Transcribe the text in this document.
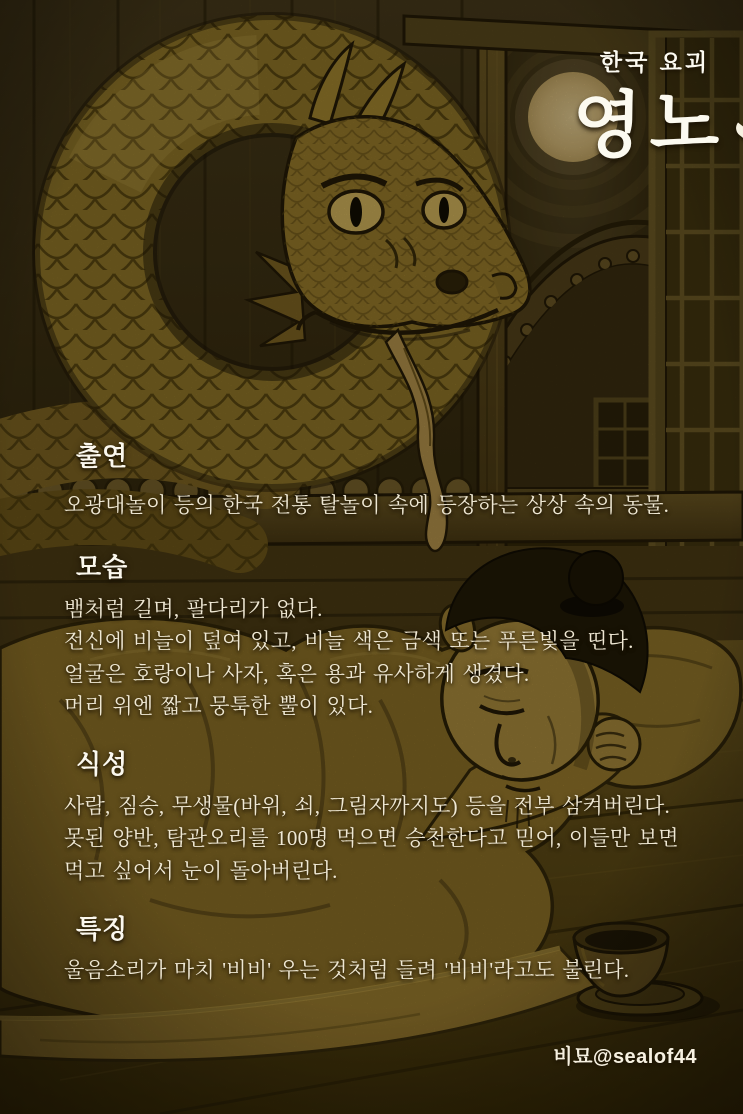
한국 요괴
영노
출연
오광대놀이 등의 한국 전통 탈놀이 속에 등장하는 상상 속의 동물.
모습
뱀처럼 길며, 팔다리가 없다.
전신에 비늘이 덮여 있고, 비늘 색은 금색 또는 푸른빛을 띤다.
얼굴은 호랑이나 사자, 혹은 용과 유사하게 생겼다.
머리 위엔 짧고 뭉툭한 뿔이 있다.
식성
사람, 짐승, 무생물(바위, 쇠, 그림자까지도) 등을 전부 삼켜버린다.
못된 양반, 탐관오리를 100명 먹으면 승천한다고 믿어, 이들만 보면
먹고 싶어서 눈이 돌아버린다.
특징
울음소리가 마치 '비비' 우는 것처럼 들려 '비비'라고도 불린다.
비묘@sealof44
